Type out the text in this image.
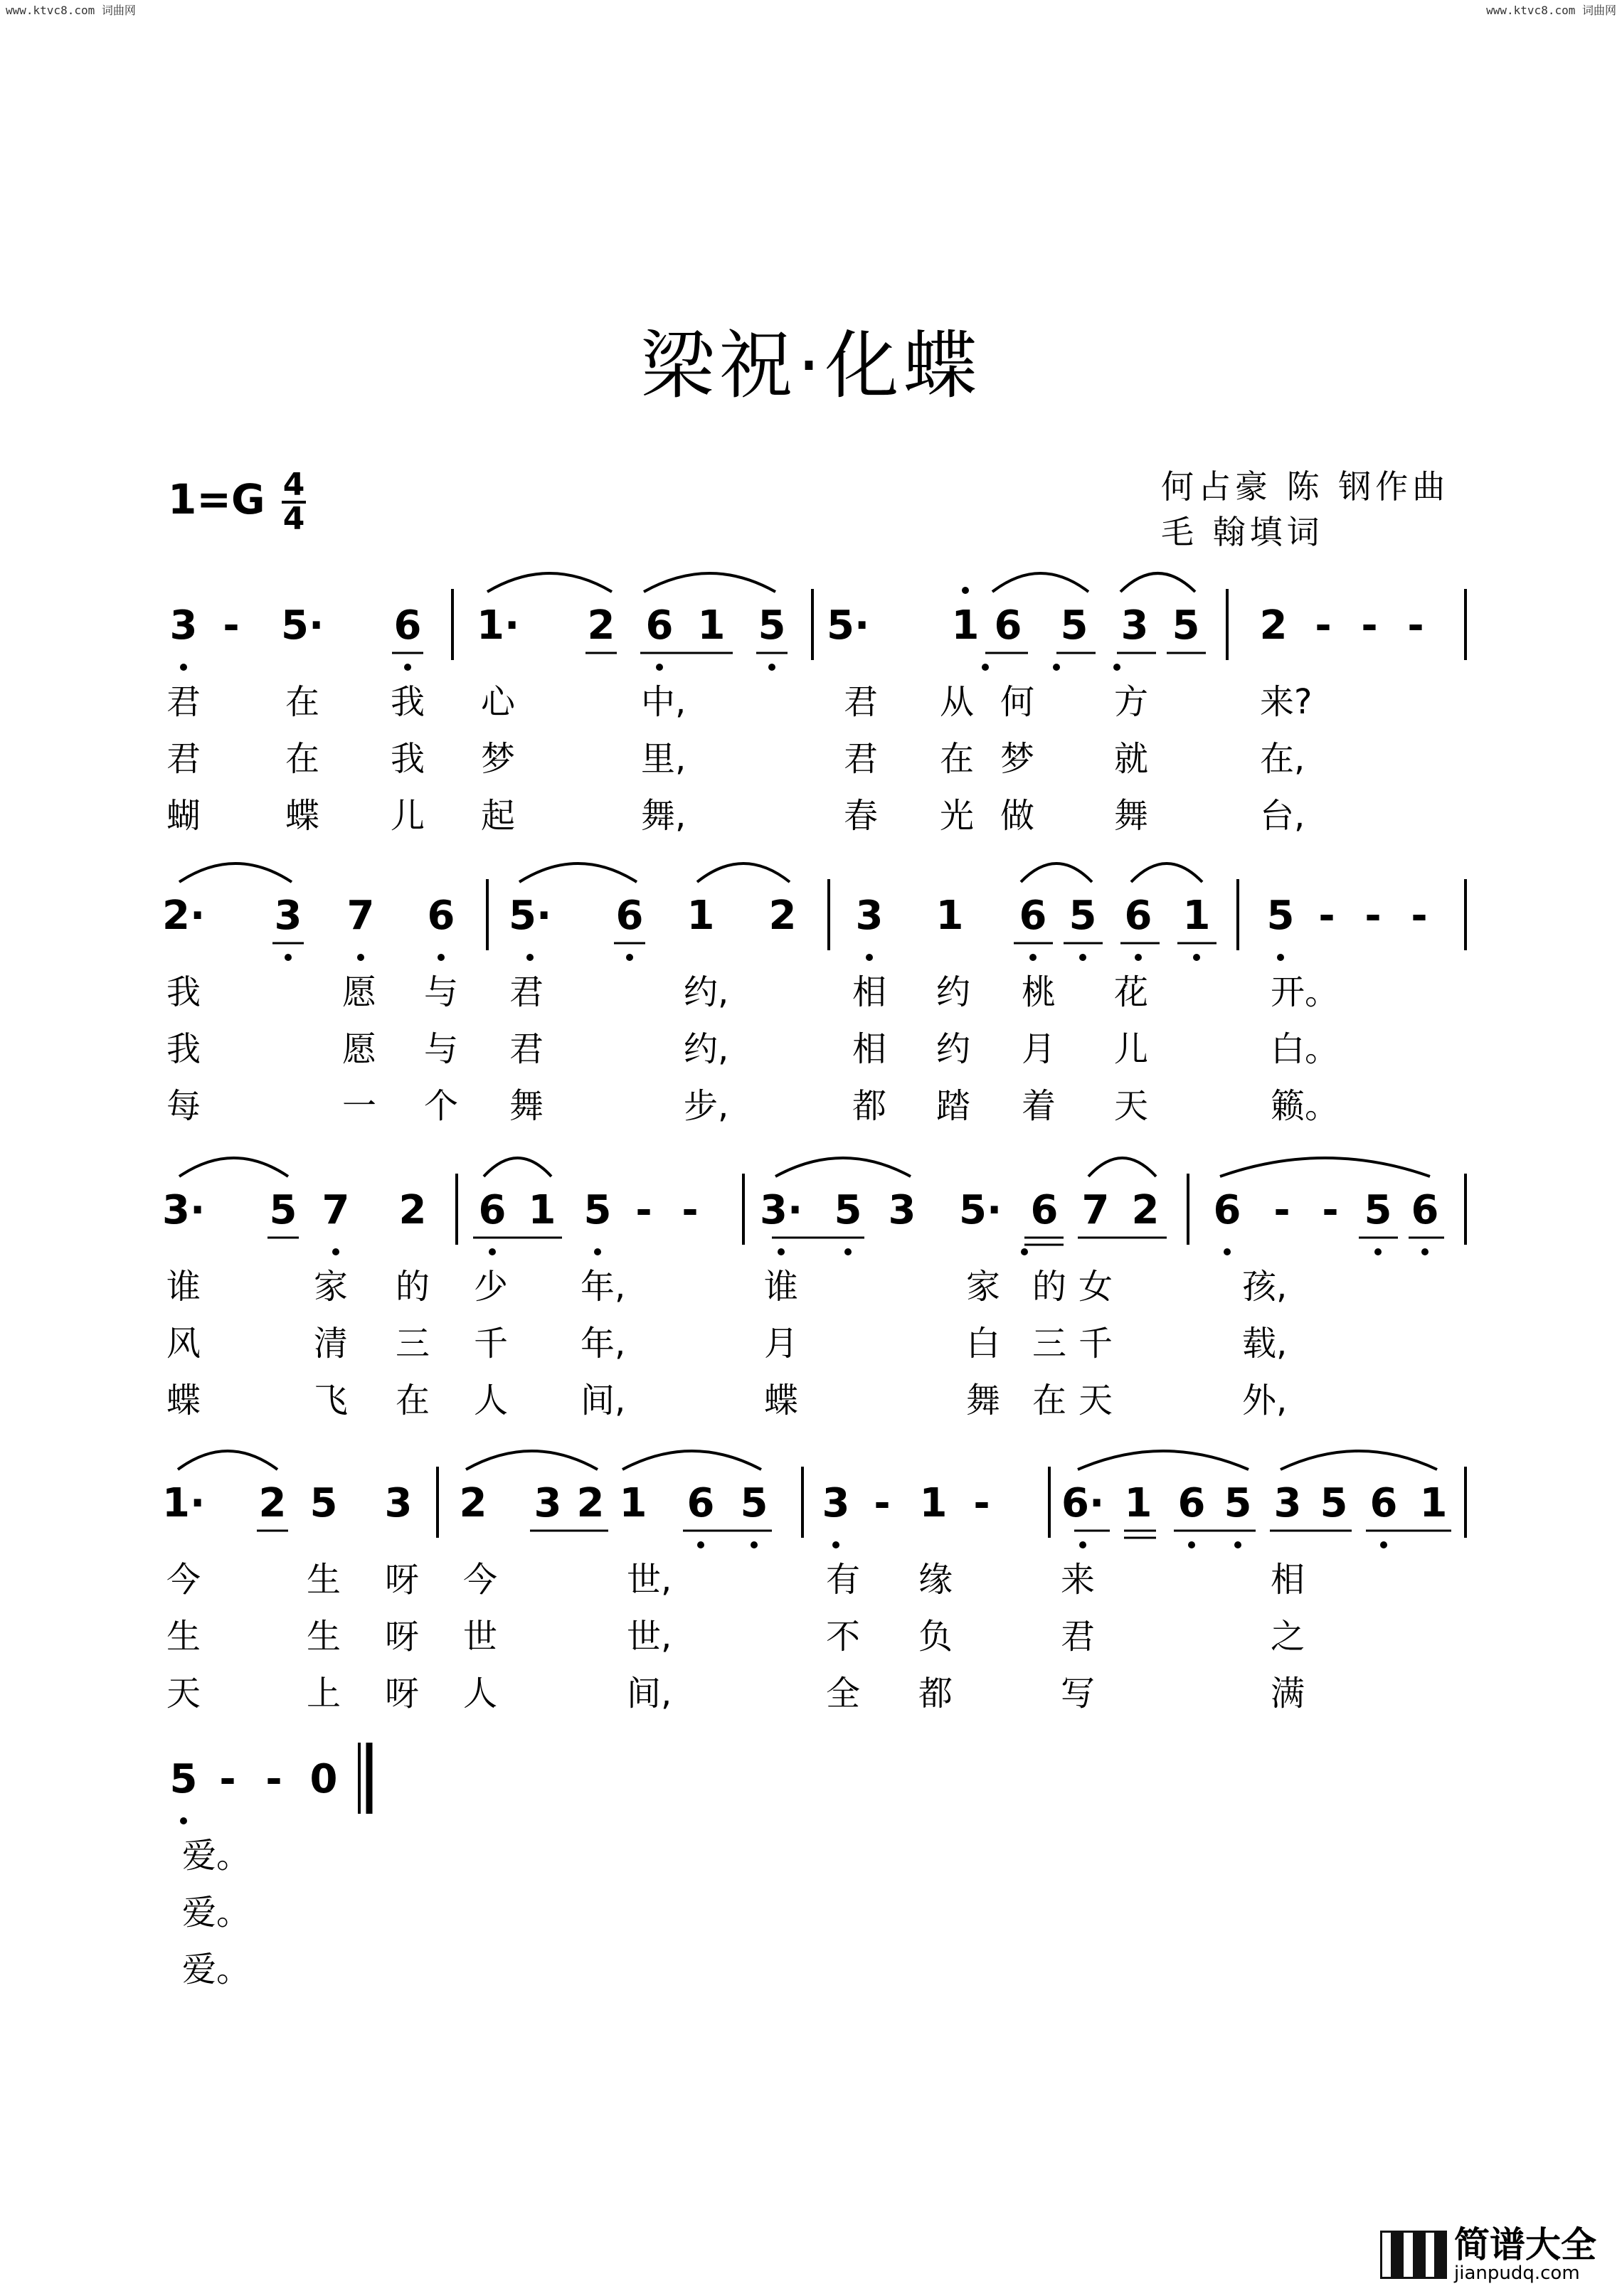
www.ktvc8.com 词曲网	www.ktvc8.com 词曲网
梁祝·化蝶
1=G 4
4
何占豪 陈 钢作曲
毛 翰填词
3 -	5·	6 1·	2 6 1 5 5·	1 6 5 3 5 2 - - -
君 在 我 心	中,	君 从 何 方	来?
君 在 我 梦	里,	君 在 梦 就	在,
蝴 蝶 儿 起	舞,	春 光 做 舞	台,
2·	3 7 6 5·	6 1 2 3 1 6 5 6 1 5 - - -
我	愿 与 君	约,	相 约 桃 花	开。
我	愿 与 君	约,	相 约 月 儿	白。
每	一 个 舞	步,	都 踏 着 天	籁。
3·	5 7 2 6 1 5 - -	3· 5 3 5· 6 7 2 6 - - 5 6
谁	家 的 少 年,	谁	家 的 女	孩,
风	清 三 千 年,	月	白 三 千	载,
蝶	飞 在 人 间,	蝶	舞 在 天	外,
1·	2 5 3 2 3 2 1 6 5 3 - 1 -	6· 1 6 5 3 5 6 1
今	生 呀 今	世,	有 缘	来	相
生	生 呀 世	世,	不 负	君	之
天	上 呀 人	间,	全 都	写	满
5 - - 0
爱。
爱。
爱。
简谱大全
jianpudq.com
